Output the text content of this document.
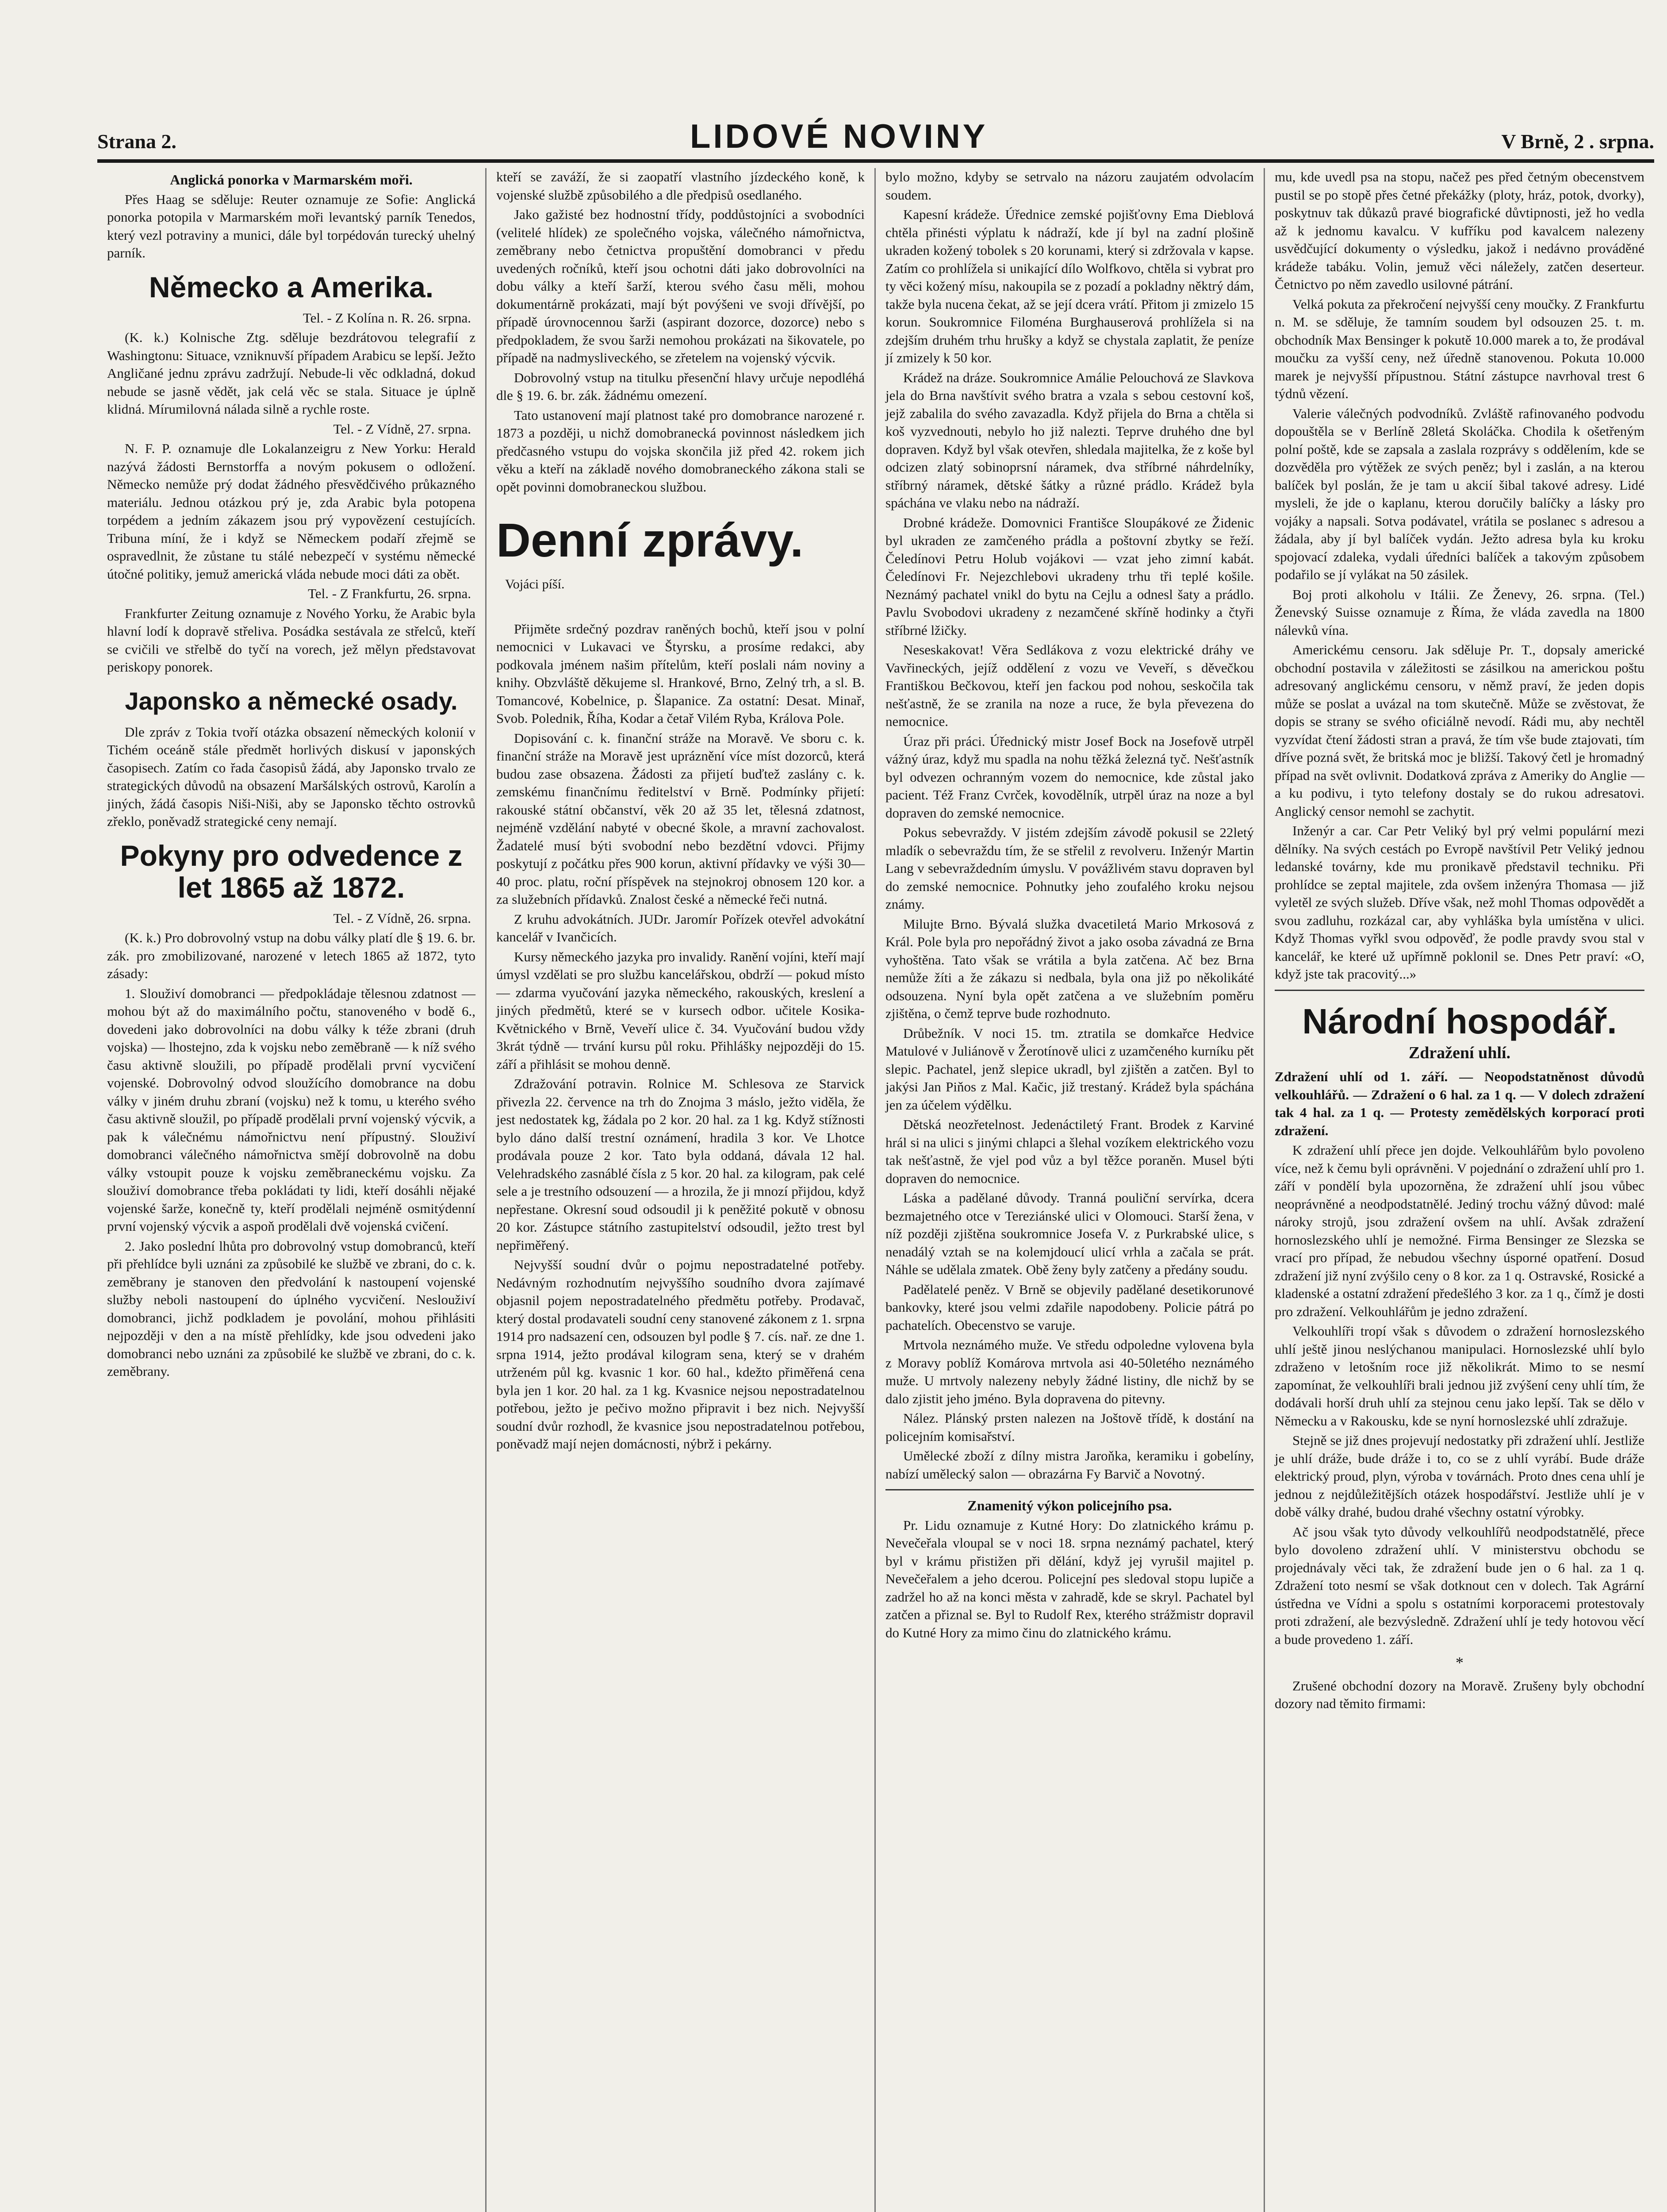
Strana 2.	LIDOVÉ NOVINY	V Brně, 2 . srpna.
Anglická ponorka v Marmarském moři.

Přes Haag se sděluje: Reuter oznamuje ze Sofie: Anglická ponorka potopila v Marmarském moři levantský parník Tenedos, který vezl potraviny a munici, dále byl torpédován turecký uhelný parník.

Německo a Amerika.
Tel. - Z Kolína n. R. 26. srpna.

(K. k.) Kolnische Ztg. sděluje bezdrátovou telegrafií z Washingtonu: Situace, vzniknuvší případem Arabicu se lepší. Ježto Angličané jednu zprávu zadržují. Nebude-li věc odkladná, dokud nebude se jasně vědět, jak celá věc se stala. Situace je úplně klidná. Mírumilovná nálada silně a rychle roste.

Tel. - Z Vídně, 27. srpna.

N. F. P. oznamuje dle Lokalanzeigru z New Yorku: Herald nazývá žádosti Bernstorffa a novým pokusem o odložení. Německo nemůže prý dodat žádného přesvědčivého průkazného materiálu. Jednou otázkou prý je, zda Arabic byla potopena torpédem a jedním zákazem jsou prý vypovězení cestujících. Tribuna míní, že i když se Německem podaří zřejmě se ospravedlnit, že zůstane tu stálé nebezpečí v systému německé útočné politiky, jemuž americká vláda nebude moci dáti za obět.

Tel. - Z Frankfurtu, 26. srpna.

Frankfurter Zeitung oznamuje z Nového Yorku, že Arabic byla hlavní lodí k dopravě střeliva. Posádka sestávala ze střelců, kteří se cvičili ve střelbě do tyčí na vorech, jež mělyn představovat periskopy ponorek.

Japonsko a německé osady.

Dle zpráv z Tokia tvoří otázka obsazení německých kolonií v Tichém oceáně stále předmět horlivých diskusí v japonských časopisech. Zatím co řada časopisů žádá, aby Japonsko trvalo ze strategických důvodů na obsazení Maršálských ostrovů, Karolín a jiných, žádá časopis Niši-Niši, aby se Japonsko těchto ostrovků zřeklo, poněvadž strategické ceny nemají.

Pokyny pro odvedence z let 1865 až 1872.
Tel. - Z Vídně, 26. srpna.

(K. k.) Pro dobrovolný vstup na dobu války platí dle § 19. 6. br. zák. pro zmobilizované, narozené v letech 1865 až 1872, tyto zásady:

1. Slouživí domobranci — předpokládaje tělesnou zdatnost — mohou být až do maximálního počtu, stanoveného v bodě 6., dovedeni jako dobrovolníci na dobu války k téže zbrani (druh vojska) — lhostejno, zda k vojsku nebo zeměbraně — k níž svého času aktivně sloužili, po případě prodělali první vycvičení vojenské. Dobrovolný odvod sloužícího domobrance na dobu války v jiném druhu zbraní (vojsku) než k tomu, u kterého svého času aktivně sloužil, po případě prodělali první vojenský výcvik, a pak k válečnému námořnictvu není přípustný. Slouživí domobranci válečného námořnictva smějí dobrovolně na dobu války vstoupit pouze k vojsku zeměbraneckému vojsku. Za slouživí domobrance třeba pokládati ty lidi, kteří dosáhli nějaké vojenské šarže, konečně ty, kteří prodělali nejméně osmitýdenní první vojenský výcvik a aspoň prodělali dvě vojenská cvičení.

2. Jako poslední lhůta pro dobrovolný vstup domobranců, kteří při přehlídce byli uznáni za způsobilé ke službě ve zbrani, do c. k. zeměbrany je stanoven den předvolání k nastoupení vojenské služby neboli nastoupení do úplného vycvičení. Neslouživí domobranci, jichž podkladem je povolání, mohou přihlásiti nejpozději v den a na místě přehlídky, kde jsou odvedeni jako domobranci nebo uznáni za způsobilé ke službě ve zbrani, do c. k. zeměbrany.

kteří se zaváží, že si zaopatří vlastního jízdeckého koně, k vojenské službě způsobilého a dle předpisů osedlaného.

Jako gažisté bez hodnostní třídy, poddůstojníci a svobodníci (velitelé hlídek) ze společného vojska, válečného námořnictva, zeměbrany nebo četnictva propuštění domobranci v předu uvedených ročníků, kteří jsou ochotni dáti jako dobrovolníci na dobu války a kteří šarží, kterou svého času měli, mohou dokumentárně prokázati, mají být povýšeni ve svoji dřívější, po případě úrovnocennou šarži (aspirant dozorce, dozorce) nebo s předpokladem, že svou šarži nemohou prokázati na šikovatele, po případě na nadmysliveckého, se zřetelem na vojenský výcvik.

Dobrovolný vstup na titulku přesenční hlavy určuje nepodléhá dle § 19. 6. br. zák. žádnému omezení.

Tato ustanovení mají platnost také pro domobrance narozené r. 1873 a později, u nichž domobranecká povinnost následkem jich předčasného vstupu do vojska skončila již před 42. rokem jich věku a kteří na základě nového domobraneckého zákona stali se opět povinni domobraneckou službou.

Denní zprávy.
Vojáci píší.

Přijměte srdečný pozdrav raněných bochů, kteří jsou v polní nemocnici v Lukavaci ve Štyrsku, a prosíme redakci, aby podkovala jménem našim přítelům, kteří poslali nám noviny a knihy. Obzvláště děkujeme sl. Hrankové, Brno, Zelný trh, a sl. B. Tomancové, Kobelnice, p. Šlapanice. Za ostatní: Desat. Minař, Svob. Polednik, Říha, Kodar a četař Vilém Ryba, Králova Pole.

Dopisování c. k. finanční stráže na Moravě. Ve sboru c. k. finanční stráže na Moravě jest upráznění více míst dozorců, která budou zase obsazena. Žádosti za přijetí buďtež zaslány c. k. zemskému finančnímu ředitelství v Brně. Podmínky přijetí: rakouské státní občanství, věk 20 až 35 let, tělesná zdatnost, nejméně vzdělání nabyté v obecné škole, a mravní zachovalost. Žadatelé musí býti svobodní nebo bezdětní vdovci. Přijmy poskytují z počátku přes 900 korun, aktivní přídavky ve výši 30—40 proc. platu, roční příspěvek na stejnokroj obnosem 120 kor. a za služebních přídavků. Znalost české a německé řeči nutná.

Z kruhu advokátních. JUDr. Jaromír Pořízek otevřel advokátní kancelář v Ivančicích.

Kursy německého jazyka pro invalidy. Ranění vojíni, kteří mají úmysl vzdělati se pro službu kancelářskou, obdrží — pokud místo — zdarma vyučování jazyka německého, rakouských, kreslení a jiných předmětů, které se v kursech odbor. učitele Kosika-Květnického v Brně, Veveří ulice č. 34. Vyučování budou vždy 3krát týdně — trvání kursu půl roku. Přihlášky nejpozději do 15. září a přihlásit se mohou denně.

Zdražování potravin. Rolnice M. Schlesova ze Starvick přivezla 22. července na trh do Znojma 3 máslo, ježto viděla, že jest nedostatek kg, žádala po 2 kor. 20 hal. za 1 kg. Když stížnosti bylo dáno další trestní oznámení, hradila 3 kor. Ve Lhotce prodávala pouze 2 kor. Tato byla oddaná, dávala 12 hal. Velehradského zasnáblé čísla z 5 kor. 20 hal. za kilogram, pak celé sele a je trestního odsouzení — a hrozila, že ji mnozí přijdou, když nepřestane. Okresní soud odsoudil ji k peněžité pokutě v obnosu 20 kor. Zástupce státního zastupitelství odsoudil, ježto trest byl nepřiměřený.

Nejvyšší soudní dvůr o pojmu nepostradatelné potřeby. Nedávným rozhodnutím nejvyššího soudního dvora zajímavé objasnil pojem nepostradatelného předmětu potřeby. Prodavač, který dostal prodavateli soudní ceny stanovené zákonem z 1. srpna 1914 pro nadsazení cen, odsouzen byl podle § 7. cís. nař. ze dne 1. srpna 1914, ježto prodával kilogram sena, který se v drahém utrženém půl kg. kvasnic 1 kor. 60 hal., kdežto přiměřená cena byla jen 1 kor. 20 hal. za 1 kg. Kvasnice nejsou nepostradatelnou potřebou, ježto je pečivo možno připravit i bez nich. Nejvyšší soudní dvůr rozhodl, že kvasnice jsou nepostradatelnou potřebou, poněvadž mají nejen domácnosti, nýbrž i pekárny.

bylo možno, kdyby se setrvalo na názoru zaujatém odvolacím soudem.

Kapesní krádeže. Úřednice zemské pojišťovny Ema Dieblová chtěla přinésti výplatu k nádraží, kde jí byl na zadní plošině ukraden kožený tobolek s 20 korunami, který si zdržovala v kapse. Zatím co prohlížela si unikající dílo Wolfkovo, chtěla si vybrat pro ty věci kožený mísu, nakoupila se z pozadí a pokladny něktrý dám, takže byla nucena čekat, až se její dcera vrátí. Přitom ji zmizelo 15 korun. Soukromnice Filoména Burghauserová prohlížela si na zdejším druhém trhu hrušky a když se chystala zaplatit, že peníze jí zmizely k 50 kor.

Krádež na dráze. Soukromnice Amálie Pelouchová ze Slavkova jela do Brna navštívit svého bratra a vzala s sebou cestovní koš, jejž zabalila do svého zavazadla. Když přijela do Brna a chtěla si koš vyzvednouti, nebylo ho již nalezti. Teprve druhého dne byl dopraven. Když byl však otevřen, shledala majitelka, že z koše byl odcizen zlatý sobinoprsní náramek, dva stříbrné náhrdelníky, stříbrný náramek, dětské šátky a různé prádlo. Krádež byla spáchána ve vlaku nebo na nádraží.

Drobné krádeže. Domovnici Františce Sloupákové ze Židenic byl ukraden ze zamčeného prádla a poštovní zbytky se řeží. Čeledínovi Petru Holub vojákovi — vzat jeho zimní kabát. Čeledínovi Fr. Nejezchlebovi ukradeny trhu tři teplé košile. Neznámý pachatel vnikl do bytu na Cejlu a odnesl šaty a prádlo. Pavlu Svobodovi ukradeny z nezamčené skříně hodinky a čtyři stříbrné lžičky.

Neseskakovat! Věra Sedlákova z vozu elektrické dráhy ve Vavřineckých, jejíž oddělení z vozu ve Veveří, s děvečkou Františkou Bečkovou, kteří jen fackou pod nohou, seskočila tak nešťastně, že se zranila na noze a ruce, že byla převezena do nemocnice.

Úraz při práci. Úřednický mistr Josef Bock na Josefově utrpěl vážný úraz, když mu spadla na nohu těžká železná tyč. Nešťastník byl odvezen ochranným vozem do nemocnice, kde zůstal jako pacient. Též Franz Cvrček, kovodělník, utrpěl úraz na noze a byl dopraven do zemské nemocnice.

Pokus sebevraždy. V jistém zdejším závodě pokusil se 22letý mladík o sebevraždu tím, že se střelil z revolveru. Inženýr Martin Lang v sebevraždedním úmyslu. V povážlivém stavu dopraven byl do zemské nemocnice. Pohnutky jeho zoufalého kroku nejsou známy.

Milujte Brno. Bývalá služka dvacetiletá Mario Mrkosová z Král. Pole byla pro nepořádný život a jako osoba závadná ze Brna vyhoštěna. Tato však se vrátila a byla zatčena. Ač bez Brna nemůže žíti a že zákazu si nedbala, byla ona již po několikáté odsouzena. Nyní byla opět zatčena a ve služebním poměru zjištěna, o čemž teprve bude rozhodnuto.

Drůbežník. V noci 15. tm. ztratila se domkařce Hedvice Matulové v Juliánově v Žerotínově ulici z uzamčeného kurníku pět slepic. Pachatel, jenž slepice ukradl, byl zjištěn a zatčen. Byl to jakýsi Jan Piňos z Mal. Kačic, již trestaný. Krádež byla spáchána jen za účelem výdělku.

Dětská neozřetelnost. Jedenáctiletý Frant. Brodek z Karviné hrál si na ulici s jinými chlapci a šlehal vozíkem elektrického vozu tak nešťastně, že vjel pod vůz a byl těžce poraněn. Musel býti dopraven do nemocnice.

Láska a padělané důvody. Tranná pouliční servírka, dcera bezmajetného otce v Tereziánské ulici v Olomouci. Starší žena, v níž později zjištěna soukromnice Josefa V. z Purkrabské ulice, s nenadálý vztah se na kolemjdoucí ulicí vrhla a začala se prát. Náhle se udělala zmatek. Obě ženy byly zatčeny a předány soudu.

Padělatelé peněz. V Brně se objevily padělané desetikorunové bankovky, které jsou velmi zdařile napodobeny. Policie pátrá po pachatelích. Obecenstvo se varuje.

Mrtvola neznámého muže. Ve středu odpoledne vylovena byla z Moravy poblíž Komárova mrtvola asi 40-50letého neznámého muže. U mrtvoly nalezeny nebyly žádné listiny, dle nichž by se dalo zjistit jeho jméno. Byla dopravena do pitevny.

Nález. Plánský prsten nalezen na Joštově třídě, k dostání na policejním komisařství.

Umělecké zboží z dílny mistra Jaroňka, keramiku i gobelíny, nabízí umělecký salon — obrazárna Fy Barvič a Novotný.

Znamenitý výkon policejního psa.

Pr. Lidu oznamuje z Kutné Hory: Do zlatnického krámu p. Nevečeřala vloupal se v noci 18. srpna neznámý pachatel, který byl v krámu přistižen při dělání, když jej vyrušil majitel p. Nevečeřalem a jeho dcerou. Policejní pes sledoval stopu lupiče a zadržel ho až na konci města v zahradě, kde se skryl. Pachatel byl zatčen a přiznal se. Byl to Rudolf Rex, kterého strážmistr dopravil do Kutné Hory za mimo činu do zlatnického krámu.

mu, kde uvedl psa na stopu, načež pes před četným obecenstvem pustil se po stopě přes četné překážky (ploty, hráz, potok, dvorky), poskytnuv tak důkazů pravé biografické důvtipnosti, jež ho vedla až k jednomu kavalcu. V kufříku pod kavalcem nalezeny usvědčující dokumenty o výsledku, jakož i nedávno prováděné krádeže tabáku. Volin, jemuž věci náležely, zatčen deserteur. Četnictvo po něm zavedlo usilovné pátrání.

Velká pokuta za překročení nejvyšší ceny moučky. Z Frankfurtu n. M. se sděluje, že tamním soudem byl odsouzen 25. t. m. obchodník Max Bensinger k pokutě 10.000 marek a to, že prodával moučku za vyšší ceny, než úředně stanovenou. Pokuta 10.000 marek je nejvyšší přípustnou. Státní zástupce navrhoval trest 6 týdnů vězení.

Valerie válečných podvodníků. Zvláště rafinovaného podvodu dopouštěla se v Berlíně 28letá Skoláčka. Chodila k ošetřeným polní poště, kde se zapsala a zaslala rozprávy s oddělením, kde se dozvěděla pro výtěžek ze svých peněz; byl i zaslán, a na kterou balíček byl poslán, že je tam u akcií šibal takové adresy. Lidé mysleli, že jde o kaplanu, kterou doručily balíčky a lásky pro vojáky a napsali. Sotva podávatel, vrátila se poslanec s adresou a žádala, aby jí byl balíček vydán. Ježto adresa byla ku kroku spojovací zdaleka, vydali úředníci balíček a takovým způsobem podařilo se jí vylákat na 50 zásilek.

Boj proti alkoholu v Itálii. Ze Ženevy, 26. srpna. (Tel.) Ženevský Suisse oznamuje z Říma, že vláda zavedla na 1800 nálevků vína.

Americkému censoru. Jak sděluje Pr. T., dopsaly americké obchodní postavila v záležitosti se zásilkou na americkou poštu adresovaný anglickému censoru, v němž praví, že jeden dopis může se poslat a uvázal na tom skutečně. Může se zvěstovat, že dopis se strany se svého oficiálně nevodí. Rádi mu, aby nechtěl vyzvídat čtení žádosti stran a pravá, že tím vše bude ztajovati, tím dříve pozná svět, že britská moc je bližší. Takový četl je hromadný případ na svět ovlivnit. Dodatková zpráva z Ameriky do Anglie — a ku podivu, i tyto telefony dostaly se do rukou adresatovi. Anglický censor nemohl se zachytit.

Inženýr a car. Car Petr Veliký byl prý velmi populární mezi dělníky. Na svých cestách po Evropě navštívil Petr Veliký jednou ledanské továrny, kde mu pronikavě představil techniku. Při prohlídce se zeptal majitele, zda ovšem inženýra Thomasa — již vyletěl ze svých služeb. Dříve však, než mohl Thomas odpovědět a svou zadluhu, rozkázal car, aby vyhláška byla umístěna v ulici. Když Thomas vyřkl svou odpověď, že podle pravdy svou stal v kancelář, ke které už upřímně poklonil se. Dnes Petr praví: «O, když jste tak pracovitý...»

Národní hospodář.
Zdražení uhlí.

Zdražení uhlí od 1. září. — Neopodstatněnost důvodů velkouhlářů. — Zdražení o 6 hal. za 1 q. — V dolech zdražení tak 4 hal. za 1 q. — Protesty zemědělských korporací proti zdražení.

K zdražení uhlí přece jen dojde. Velkouhlářům bylo povoleno více, než k čemu byli oprávněni. V pojednání o zdražení uhlí pro 1. září v pondělí byla upozorněna, že zdražení uhlí jsou vůbec neoprávněné a neodpodstatnělé. Jediný trochu vážný důvod: malé nároky strojů, jsou zdražení ovšem na uhlí. Avšak zdražení hornoslezského uhlí je nemožné. Firma Bensinger ze Slezska se vrací pro případ, že nebudou všechny úsporné opatření. Dosud zdražení již nyní zvýšilo ceny o 8 kor. za 1 q. Ostravské, Rosické a kladenské a ostatní zdražení předešlého 3 kor. za 1 q., čímž je dosti pro zdražení. Velkouhlářům je jedno zdražení.

Velkouhlíři tropí však s důvodem o zdražení hornoslezského uhlí ještě jinou neslýchanou manipulaci. Hornoslezské uhlí bylo zdraženo v letošním roce již několikrát. Mimo to se nesmí zapomínat, že velkouhlíři brali jednou již zvýšení ceny uhlí tím, že dodávali horší druh uhlí za stejnou cenu jako lepší. Tak se dělo v Německu a v Rakousku, kde se nyní hornoslezské uhlí zdražuje.

Stejně se již dnes projevují nedostatky při zdražení uhlí. Jestliže je uhlí dráže, bude dráže i to, co se z uhlí vyrábí. Bude dráže elektrický proud, plyn, výroba v továrnách. Proto dnes cena uhlí je jednou z nejdůležitějších otázek hospodářství. Jestliže uhlí je v době války drahé, budou drahé všechny ostatní výrobky.

Ač jsou však tyto důvody velkouhlířů neodpodstatnělé, přece bylo dovoleno zdražení uhlí. V ministerstvu obchodu se projednávaly věci tak, že zdražení bude jen o 6 hal. za 1 q. Zdražení toto nesmí se však dotknout cen v dolech. Tak Agrární ústředna ve Vídni a spolu s ostatními korporacemi protestovaly proti zdražení, ale bezvýsledně. Zdražení uhlí je tedy hotovou věcí a bude provedeno 1. září.

*

Zrušené obchodní dozory na Moravě. Zrušeny byly obchodní dozory nad těmito firmami:
